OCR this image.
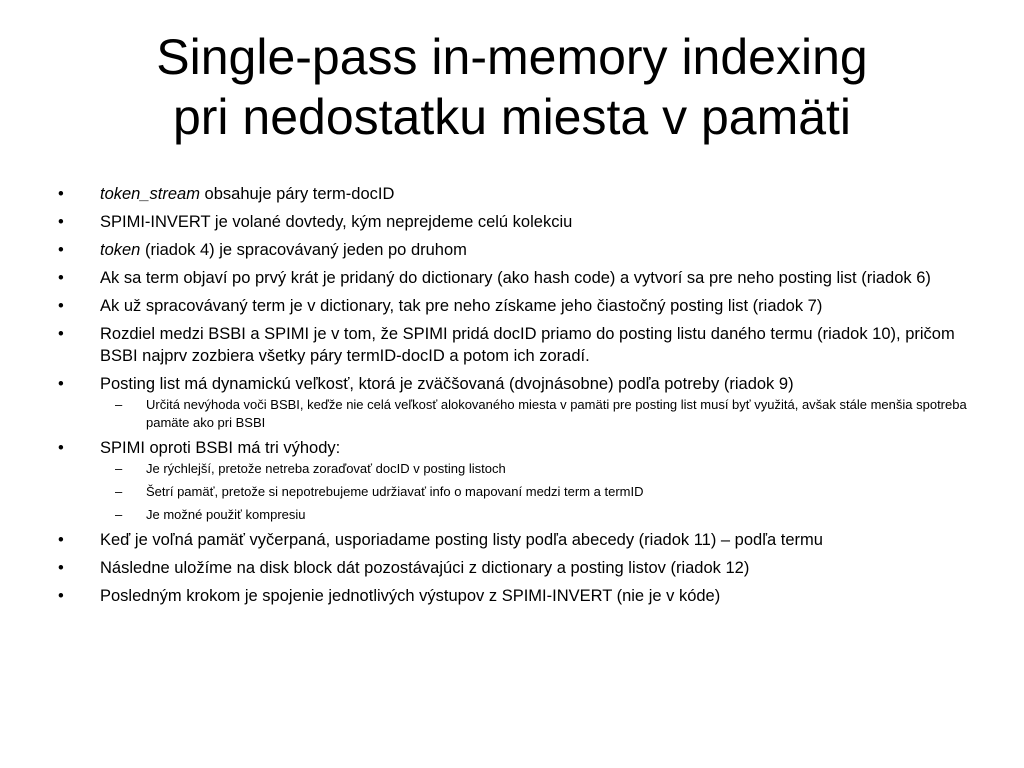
Single-pass in-memory indexing
pri nedostatku miesta v pamäti
•	token_stream obsahuje páry term-docID
•	SPIMI-INVERT je volané dovtedy, kým neprejdeme celú kolekciu
•	token (riadok 4) je spracovávaný jeden po druhom
•	Ak sa term objaví po prvý krát je pridaný do dictionary (ako hash code) a vytvorí sa pre neho posting list (riadok 6)
•	Ak už spracovávaný term je v dictionary, tak pre neho získame jeho čiastočný posting list (riadok 7)
•	Rozdiel medzi BSBI a SPIMI je v tom, že SPIMI pridá docID priamo do posting listu daného termu (riadok 10), pričom BSBI najprv zozbiera všetky páry termID-docID a potom ich zoradí.
•	Posting list má dynamickú veľkosť, ktorá je zväčšovaná (dvojnásobne) podľa potreby (riadok 9)
–	Určitá nevýhoda voči BSBI, keďže nie celá veľkosť alokovaného miesta v pamäti pre posting list musí byť využitá, avšak stále menšia spotreba pamäte ako pri BSBI
•	SPIMI oproti BSBI má tri výhody:
–	Je rýchlejší, pretože netreba zoraďovať docID v posting listoch
–	Šetrí pamäť, pretože si nepotrebujeme udržiavať info o mapovaní medzi term a termID
–	Je možné použiť kompresiu
•	Keď je voľná pamäť vyčerpaná, usporiadame posting listy podľa abecedy (riadok 11) – podľa termu
•	Následne uložíme na disk block dát pozostávajúci z dictionary a posting listov (riadok 12)
•	Posledným krokom je spojenie jednotlivých výstupov z SPIMI-INVERT (nie je v kóde)
